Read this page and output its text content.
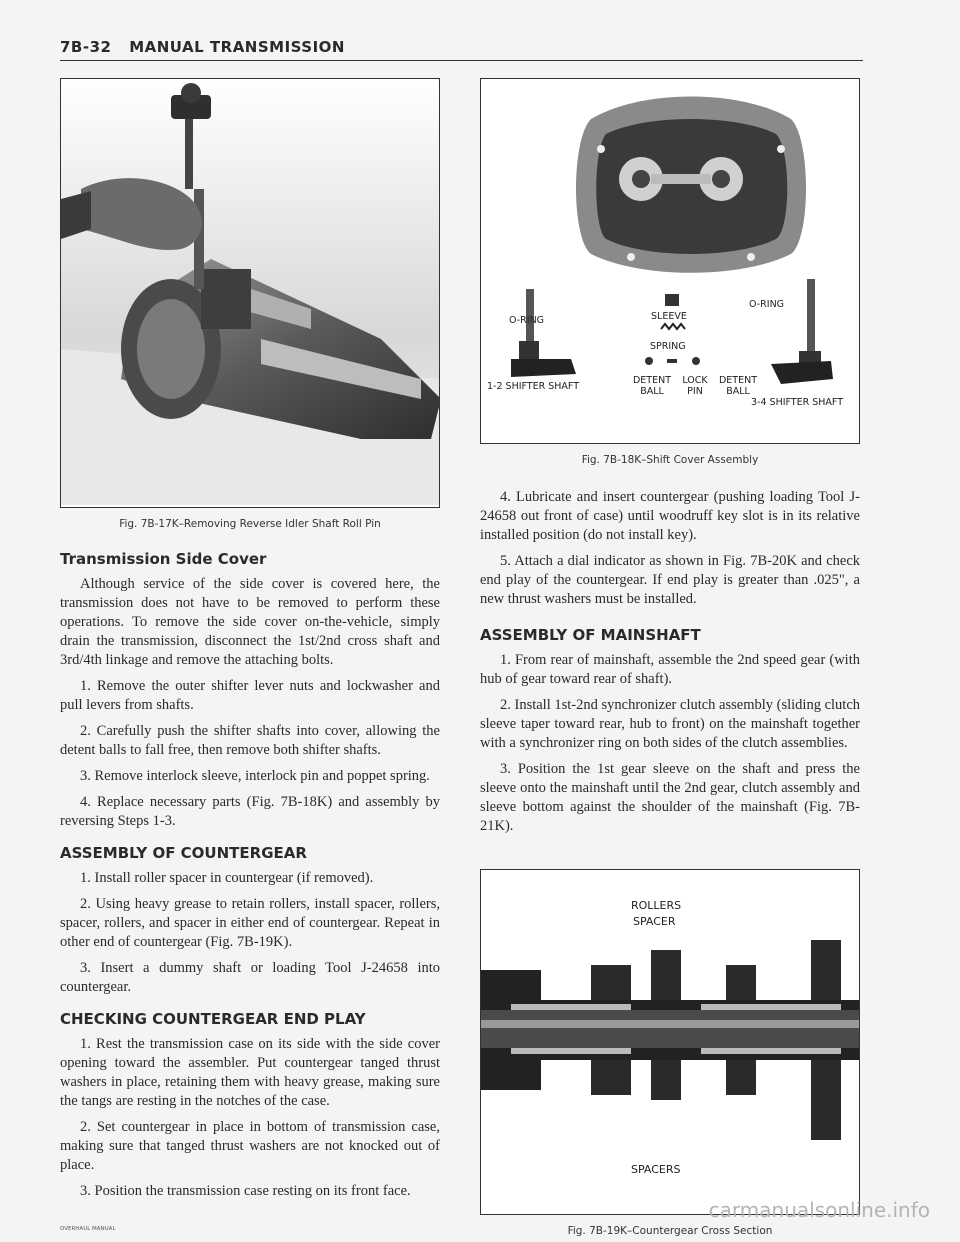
7B-32 MANUAL TRANSMISSION
Fig. 7B-17K–Removing Reverse Idler Shaft Roll Pin
Transmission Side Cover

Although service of the side cover is covered here, the transmission does not have to be removed to perform these operations. To remove the side cover on-the-vehicle, simply drain the transmission, disconnect the 1st/2nd cross shaft and 3rd/4th linkage and remove the attaching bolts.

1. Remove the outer shifter lever nuts and lockwasher and pull levers from shafts.

2. Carefully push the shifter shafts into cover, allowing the detent balls to fall free, then remove both shifter shafts.

3. Remove interlock sleeve, interlock pin and poppet spring.

4. Replace necessary parts (Fig. 7B-18K) and assembly by reversing Steps 1-3.

ASSEMBLY OF COUNTERGEAR

1. Install roller spacer in countergear (if removed).

2. Using heavy grease to retain rollers, install spacer, rollers, spacer, rollers, and spacer in either end of countergear. Repeat in other end of countergear (Fig. 7B-19K).

3. Insert a dummy shaft or loading Tool J-24658 into countergear.

CHECKING COUNTERGEAR END PLAY

1. Rest the transmission case on its side with the side cover opening toward the assembler. Put countergear tanged thrust washers in place, retaining them with heavy grease, making sure the tangs are resting in the notches of the case.

2. Set countergear in place in bottom of transmission case, making sure that tanged thrust washers are not knocked out of place.

3. Position the transmission case resting on its front face.

O-RING	SLEEVE
O-RING
SPRING
1-2 SHIFTER SHAFT
DETENT BALL
LOCK PIN
DETENT BALL
3-4 SHIFTER SHAFT
Fig. 7B-18K–Shift Cover Assembly

4. Lubricate and insert countergear (pushing loading Tool J-24658 out front of case) until woodruff key slot is in its relative installed position (do not install key).

5. Attach a dial indicator as shown in Fig. 7B-20K and check end play of the countergear. If end play is greater than .025", a new thrust washers must be installed.

ASSEMBLY OF MAINSHAFT

1. From rear of mainshaft, assemble the 2nd speed gear (with hub of gear toward rear of shaft).

2. Install 1st-2nd synchronizer clutch assembly (sliding clutch sleeve taper toward rear, hub to front) on the mainshaft together with a synchronizer ring on both sides of the clutch assemblies.

3. Position the 1st gear sleeve on the shaft and press the sleeve onto the mainshaft until the 2nd gear, clutch assembly and sleeve bottom against the shoulder of the mainshaft (Fig. 7B-21K).

ROLLERS
SPACER
SPACERS
Fig. 7B-19K–Countergear Cross Section
OVERHAUL MANUAL
carmanualsonline.info
